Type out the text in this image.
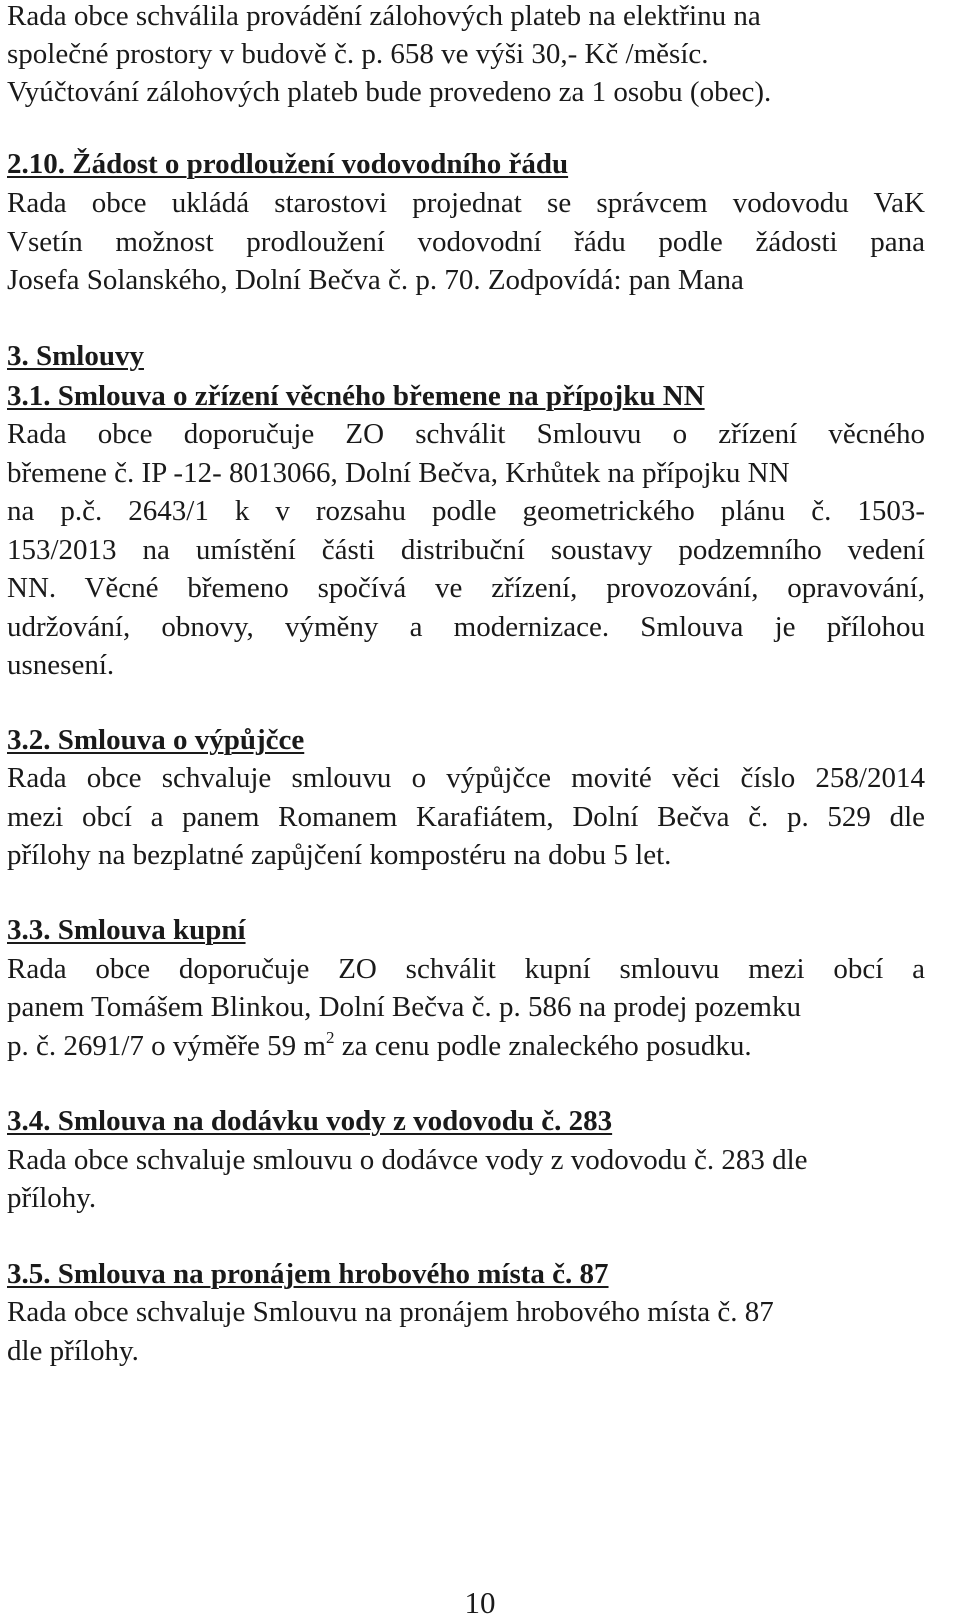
Rada obce schválila provádění zálohových plateb na elektřinu na
společné prostory v budově č. p. 658 ve výši 30,- Kč /měsíc.
Vyúčtování zálohových plateb bude provedeno za 1 osobu (obec).
2.10. Žádost o prodloužení vodovodního řádu
Rada obce ukládá starostovi projednat se správcem vodovodu VaK
Vsetín možnost prodloužení vodovodní řádu podle žádosti pana
Josefa Solanského, Dolní Bečva č. p. 70. Zodpovídá: pan Mana
3. Smlouvy
3.1. Smlouva o zřízení věcného břemene na přípojku NN
Rada obce doporučuje ZO schválit Smlouvu o zřízení věcného
břemene č. IP -12- 8013066, Dolní Bečva, Krhůtek na přípojku NN
na p.č. 2643/1 k v rozsahu podle geometrického plánu č. 1503-
153/2013 na umístění části distribuční soustavy podzemního vedení
NN. Věcné břemeno spočívá ve zřízení, provozování, opravování,
udržování, obnovy, výměny a modernizace. Smlouva je přílohou
usnesení.
3.2. Smlouva o výpůjčce
Rada obce schvaluje smlouvu o výpůjčce movité věci číslo 258/2014
mezi obcí a panem Romanem Karafiátem, Dolní Bečva č. p. 529 dle
přílohy na bezplatné zapůjčení kompostéru na dobu 5 let.
3.3. Smlouva kupní
Rada obce doporučuje ZO schválit kupní smlouvu mezi obcí a
panem Tomášem Blinkou, Dolní Bečva č. p. 586 na prodej pozemku
p. č. 2691/7 o výměře 59 $m^2$ za cenu podle znaleckého posudku.
3.4. Smlouva na dodávku vody z vodovodu č. 283
Rada obce schvaluje smlouvu o dodávce vody z vodovodu č. 283 dle
přílohy.
3.5. Smlouva na pronájem hrobového místa č. 87
Rada obce schvaluje Smlouvu na pronájem hrobového místa č. 87
dle přílohy.
10
